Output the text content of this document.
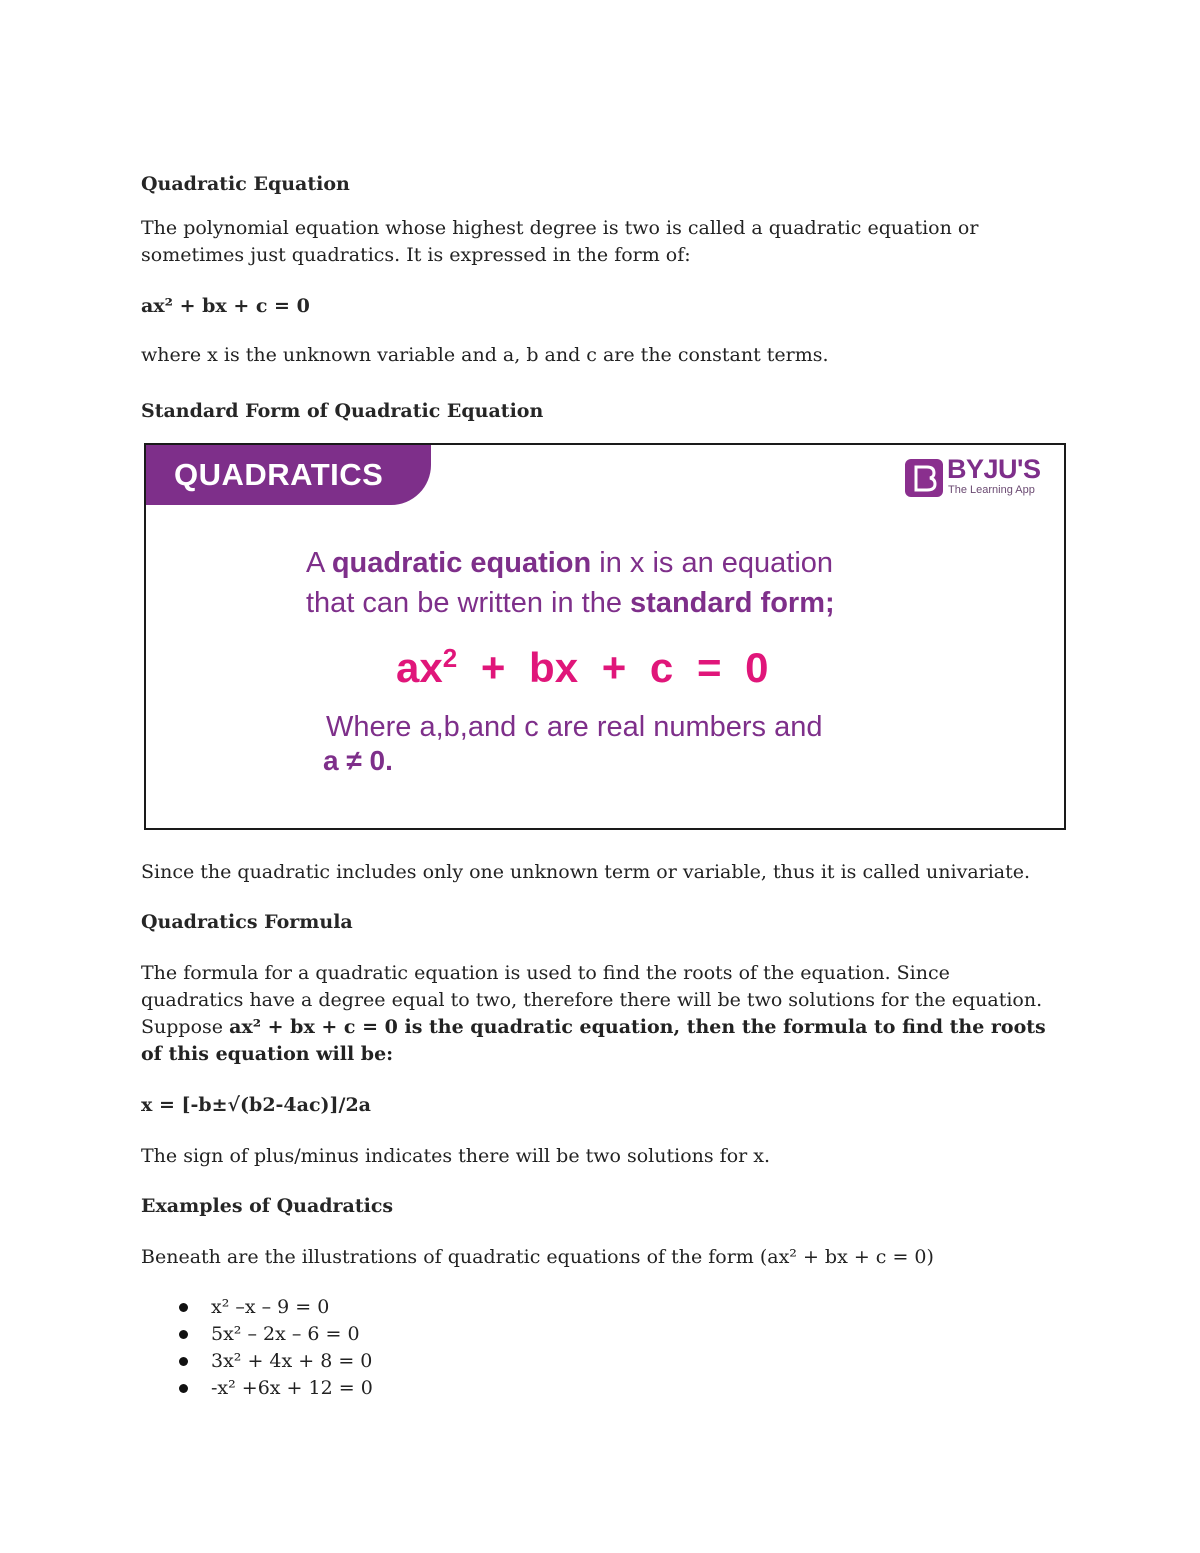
Quadratic Equation

The polynomial equation whose highest degree is two is called a quadratic equation or sometimes just quadratics. It is expressed in the form of:

ax² + bx + c = 0

where x is the unknown variable and a, b and c are the constant terms.

Standard Form of Quadratic Equation

QUADRATICS	BYJU'S
The Learning App
A quadratic equation in x is an equation
that can be written in the standard form;
$ax^2$ + bx + c = 0
Where a,b,and c are real numbers and
a ≠ 0.

Since the quadratic includes only one unknown term or variable, thus it is called univariate.

Quadratics Formula

The formula for a quadratic equation is used to find the roots of the equation. Since quadratics have a degree equal to two, therefore there will be two solutions for the equation. Suppose ax² + bx + c = 0 is the quadratic equation, then the formula to find the roots of this equation will be:

x = [-b±√(b2-4ac)]/2a

The sign of plus/minus indicates there will be two solutions for x.

Examples of Quadratics

Beneath are the illustrations of quadratic equations of the form (ax² + bx + c = 0)

x² –x – 9 = 0
5x² – 2x – 6 = 0
3x² + 4x + 8 = 0
-x² +6x + 12 = 0
